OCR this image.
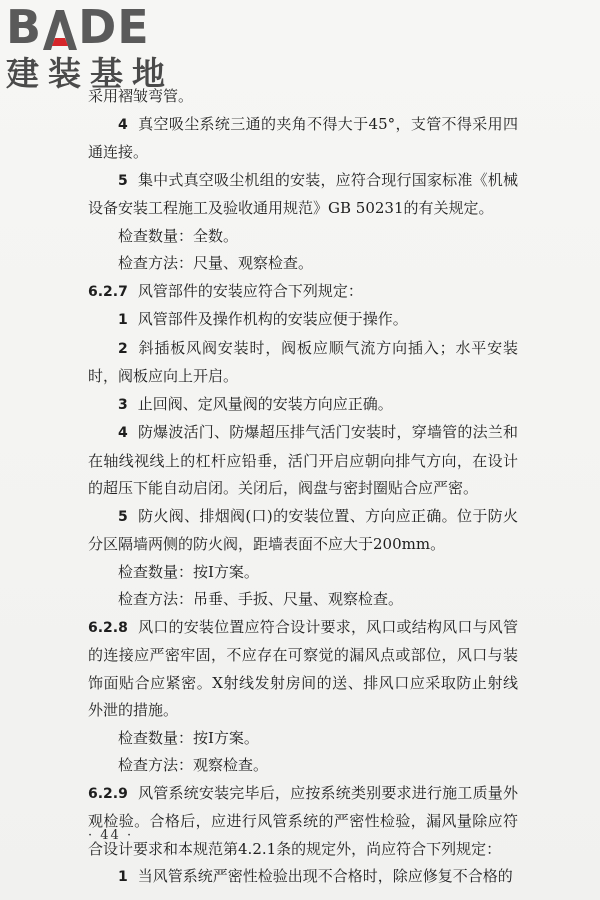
B DE
建装基地

采用褶皱弯管。

4 真空吸尘系统三通的夹角不得大于45°，支管不得采用四通连接。

5 集中式真空吸尘机组的安装，应符合现行国家标准《机械设备安装工程施工及验收通用规范》GB 50231的有关规定。

检查数量：全数。

检查方法：尺量、观察检查。

6.2.7 风管部件的安装应符合下列规定：

1 风管部件及操作机构的安装应便于操作。

2 斜插板风阀安装时，阀板应顺气流方向插入；水平安装时，阀板应向上开启。

3 止回阀、定风量阀的安装方向应正确。

4 防爆波活门、防爆超压排气活门安装时，穿墙管的法兰和在轴线视线上的杠杆应铅垂，活门开启应朝向排气方向，在设计的超压下能自动启闭。关闭后，阀盘与密封圈贴合应严密。

5 防火阀、排烟阀(口)的安装位置、方向应正确。位于防火分区隔墙两侧的防火阀，距墙表面不应大于200mm。

检查数量：按Ⅰ方案。

检查方法：吊垂、手扳、尺量、观察检查。

6.2.8 风口的安装位置应符合设计要求，风口或结构风口与风管的连接应严密牢固，不应存在可察觉的漏风点或部位，风口与装饰面贴合应紧密。X射线发射房间的送、排风口应采取防止射线外泄的措施。

检查数量：按Ⅰ方案。

检查方法：观察检查。

6.2.9 风管系统安装完毕后，应按系统类别要求进行施工质量外观检验。合格后，应进行风管系统的严密性检验，漏风量除应符合设计要求和本规范第4.2.1条的规定外，尚应符合下列规定：

1 当风管系统严密性检验出现不合格时，除应修复不合格的

· 44 ·
